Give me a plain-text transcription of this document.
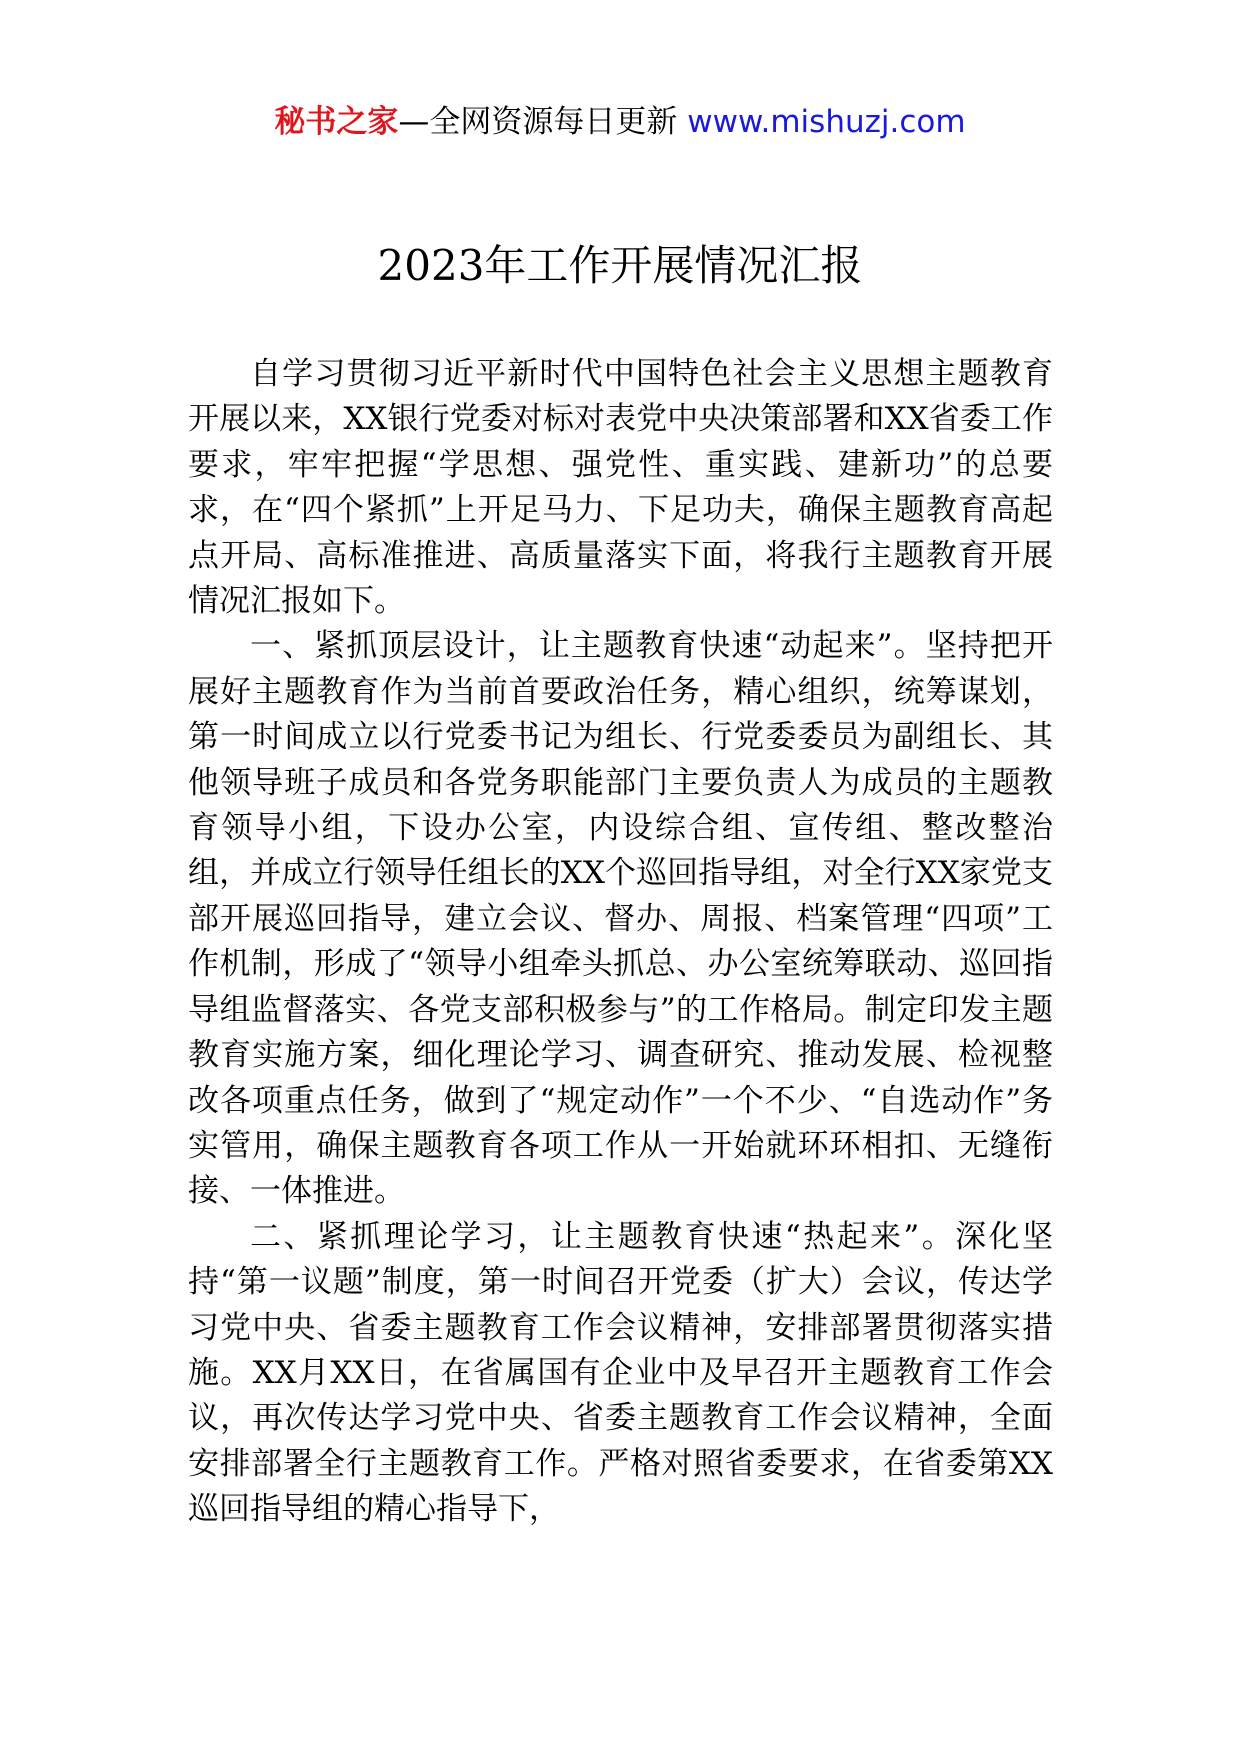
秘书之家—全网资源每日更新 www.mishuzj.com
2023年工作开展情况汇报

自学习贯彻习近平新时代中国特色社会主义思想主题教育开展以来，XX银行党委对标对表党中央决策部署和XX省委工作要求，牢牢把握“学思想、强党性、重实践、建新功”的总要求，在“四个紧抓”上开足马力、下足功夫，确保主题教育高起点开局、高标准推进、高质量落实下面，将我行主题教育开展情况汇报如下。

一、紧抓顶层设计，让主题教育快速“动起来”。坚持把开展好主题教育作为当前首要政治任务，精心组织，统筹谋划，第一时间成立以行党委书记为组长、行党委委员为副组长、其他领导班子成员和各党务职能部门主要负责人为成员的主题教育领导小组，下设办公室，内设综合组、宣传组、整改整治组，并成立行领导任组长的XX个巡回指导组，对全行XX家党支部开展巡回指导，建立会议、督办、周报、档案管理“四项”工作机制，形成了“领导小组牵头抓总、办公室统筹联动、巡回指导组监督落实、各党支部积极参与”的工作格局。制定印发主题教育实施方案，细化理论学习、调查研究、推动发展、检视整改各项重点任务，做到了“规定动作”一个不少、“自选动作”务实管用，确保主题教育各项工作从一开始就环环相扣、无缝衔接、一体推进。

二、紧抓理论学习，让主题教育快速“热起来”。深化坚持“第一议题”制度，第一时间召开党委（扩大）会议，传达学习党中央、省委主题教育工作会议精神，安排部署贯彻落实措施。XX月XX日，在省属国有企业中及早召开主题教育工作会议，再次传达学习党中央、省委主题教育工作会议精神，全面安排部署全行主题教育工作。严格对照省委要求，在省委第XX巡回指导组的精心指导下，
